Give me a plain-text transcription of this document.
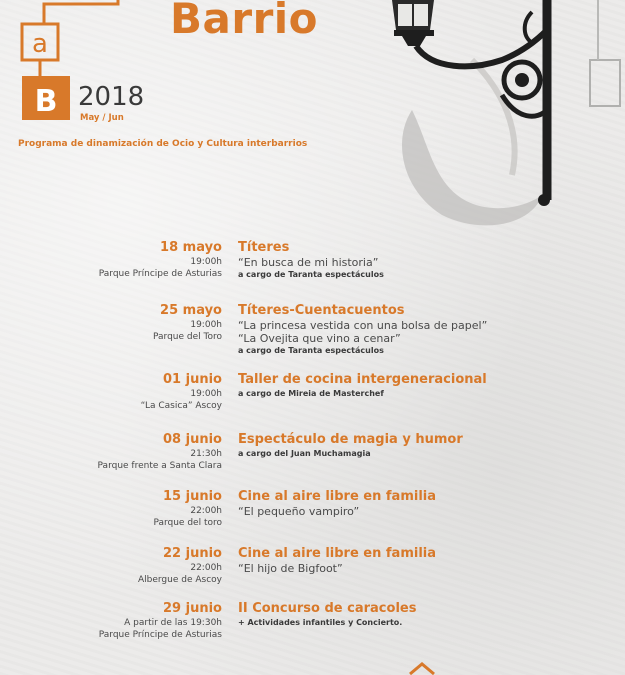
a
B
Barrio
2018
May / Jun
Programa de dinamización de Ocio y Cultura interbarrios
18 mayo
19:00h
Parque Príncipe de Asturias
Títeres
“En busca de mi historia”
a cargo de Taranta espectáculos
25 mayo
19:00h
Parque del Toro
Títeres-Cuentacuentos
“La princesa vestida con una bolsa de papel”
“La Ovejita que vino a cenar”
a cargo de Taranta espectáculos
01 junio
19:00h
“La Casica” Ascoy
Taller de cocina intergeneracional
a cargo de Mireia de Masterchef
08 junio
21:30h
Parque frente a Santa Clara
Espectáculo de magia y humor
a cargo del Juan Muchamagia
15 junio
22:00h
Parque del toro
Cine al aire libre en familia
“El pequeño vampiro”
22 junio
22:00h
Albergue de Ascoy
Cine al aire libre en familia
“El hijo de Bigfoot”
29 junio
A partir de las 19:30h
Parque Príncipe de Asturias
II Concurso de caracoles
+ Actividades infantiles y Concierto.
